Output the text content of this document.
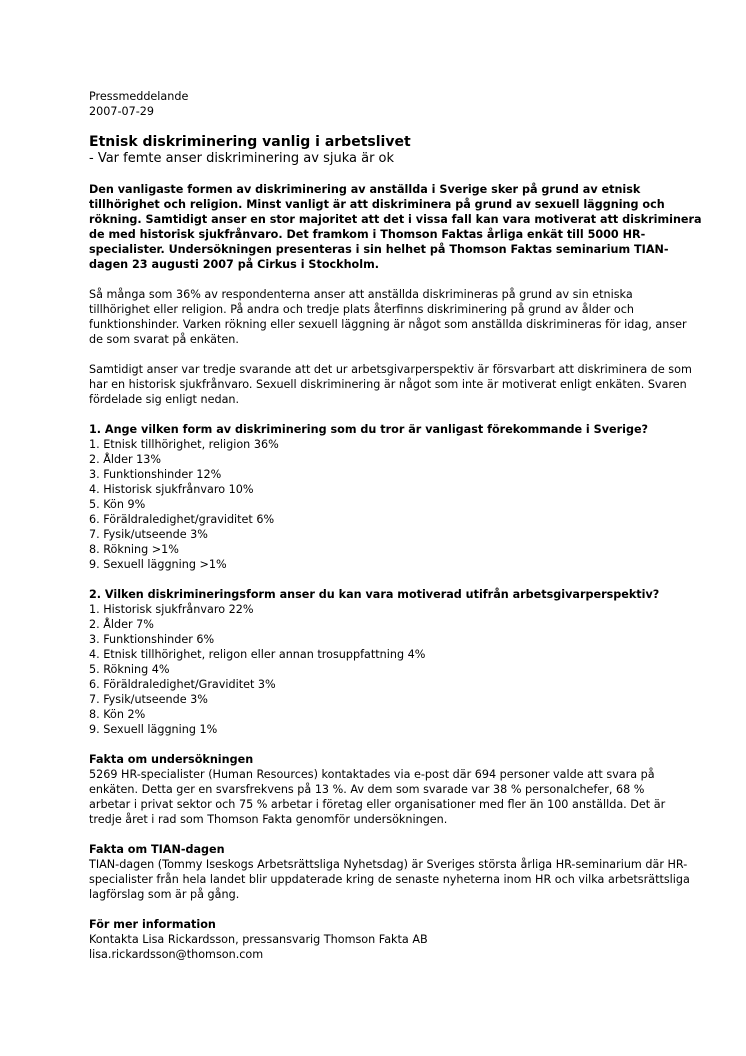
Pressmeddelande
2007-07-29
Etnisk diskriminering vanlig i arbetslivet
- Var femte anser diskriminering av sjuka är ok
Den vanligaste formen av diskriminering av anställda i Sverige sker på grund av etnisk
tillhörighet och religion. Minst vanligt är att diskriminera på grund av sexuell läggning och
rökning. Samtidigt anser en stor majoritet att det i vissa fall kan vara motiverat att diskriminera
de med historisk sjukfrånvaro. Det framkom i Thomson Faktas årliga enkät till 5000 HR-
specialister. Undersökningen presenteras i sin helhet på Thomson Faktas seminarium TIAN-
dagen 23 augusti 2007 på Cirkus i Stockholm.
Så många som 36% av respondenterna anser att anställda diskrimineras på grund av sin etniska
tillhörighet eller religion. På andra och tredje plats återfinns diskriminering på grund av ålder och
funktionshinder. Varken rökning eller sexuell läggning är något som anställda diskrimineras för idag, anser
de som svarat på enkäten.
Samtidigt anser var tredje svarande att det ur arbetsgivarperspektiv är försvarbart att diskriminera de som
har en historisk sjukfrånvaro. Sexuell diskriminering är något som inte är motiverat enligt enkäten. Svaren
fördelade sig enligt nedan.
1. Ange vilken form av diskriminering som du tror är vanligast förekommande i Sverige?
1. Etnisk tillhörighet, religion 36%
2. Ålder 13%
3. Funktionshinder 12%
4. Historisk sjukfrånvaro 10%
5. Kön 9%
6. Föräldraledighet/graviditet 6%
7. Fysik/utseende 3%
8. Rökning >1%
9. Sexuell läggning >1%
2. Vilken diskrimineringsform anser du kan vara motiverad utifrån arbetsgivarperspektiv?
1. Historisk sjukfrånvaro 22%
2. Ålder 7%
3. Funktionshinder 6%
4. Etnisk tillhörighet, religon eller annan trosuppfattning 4%
5. Rökning 4%
6. Föräldraledighet/Graviditet 3%
7. Fysik/utseende 3%
8. Kön 2%
9. Sexuell läggning 1%
Fakta om undersökningen
5269 HR-specialister (Human Resources) kontaktades via e-post där 694 personer valde att svara på
enkäten. Detta ger en svarsfrekvens på 13 %. Av dem som svarade var 38 % personalchefer, 68 %
arbetar i privat sektor och 75 % arbetar i företag eller organisationer med fler än 100 anställda. Det är
tredje året i rad som Thomson Fakta genomför undersökningen.
Fakta om TIAN-dagen
TIAN-dagen (Tommy Iseskogs Arbetsrättsliga Nyhetsdag) är Sveriges största årliga HR-seminarium där HR-
specialister från hela landet blir uppdaterade kring de senaste nyheterna inom HR och vilka arbetsrättsliga
lagförslag som är på gång.
För mer information
Kontakta Lisa Rickardsson, pressansvarig Thomson Fakta AB
lisa.rickardsson@thomson.com
